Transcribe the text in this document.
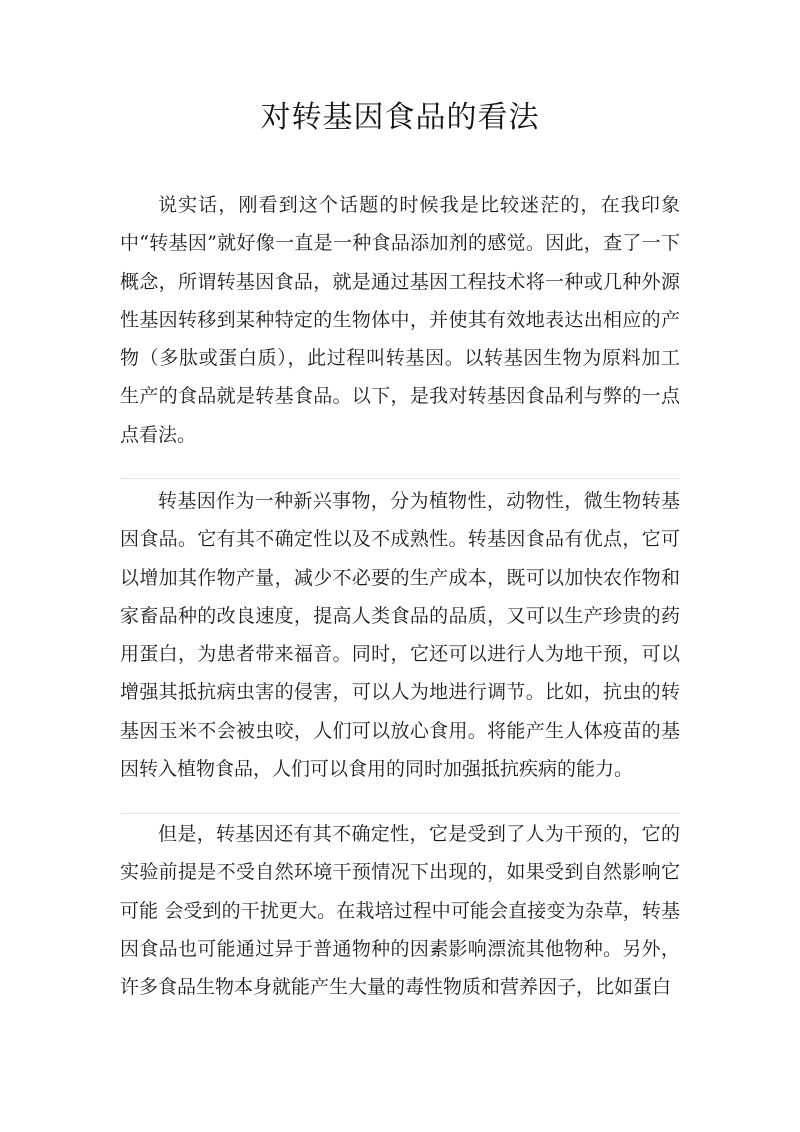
对转基因食品的看法

说实话，刚看到这个话题的时候我是比较迷茫的，在我印象中“转基因”就好像一直是一种食品添加剂的感觉。因此，查了一下概念，所谓转基因食品，就是通过基因工程技术将一种或几种外源性基因转移到某种特定的生物体中，并使其有效地表达出相应的产物（多肽或蛋白质），此过程叫转基因。以转基因生物为原料加工生产的食品就是转基食品。以下，是我对转基因食品利与弊的一点点看法。

转基因作为一种新兴事物，分为植物性，动物性，微生物转基因食品。它有其不确定性以及不成熟性。转基因食品有优点，它可以增加其作物产量，减少不必要的生产成本，既可以加快农作物和家畜品种的改良速度，提高人类食品的品质，又可以生产珍贵的药用蛋白，为患者带来福音。同时，它还可以进行人为地干预，可以增强其抵抗病虫害的侵害，可以人为地进行调节。比如，抗虫的转基因玉米不会被虫咬，人们可以放心食用。将能产生人体疫苗的基因转入植物食品，人们可以食用的同时加强抵抗疾病的能力。

但是，转基因还有其不确定性，它是受到了人为干预的，它的实验前提是不受自然环境干预情况下出现的，如果受到自然影响它可能 会受到的干扰更大。在栽培过程中可能会直接变为杂草，转基因食品也可能通过异于普通物种的因素影响漂流其他物种。另外，许多食品生物本身就能产生大量的毒性物质和营养因子，比如蛋白
